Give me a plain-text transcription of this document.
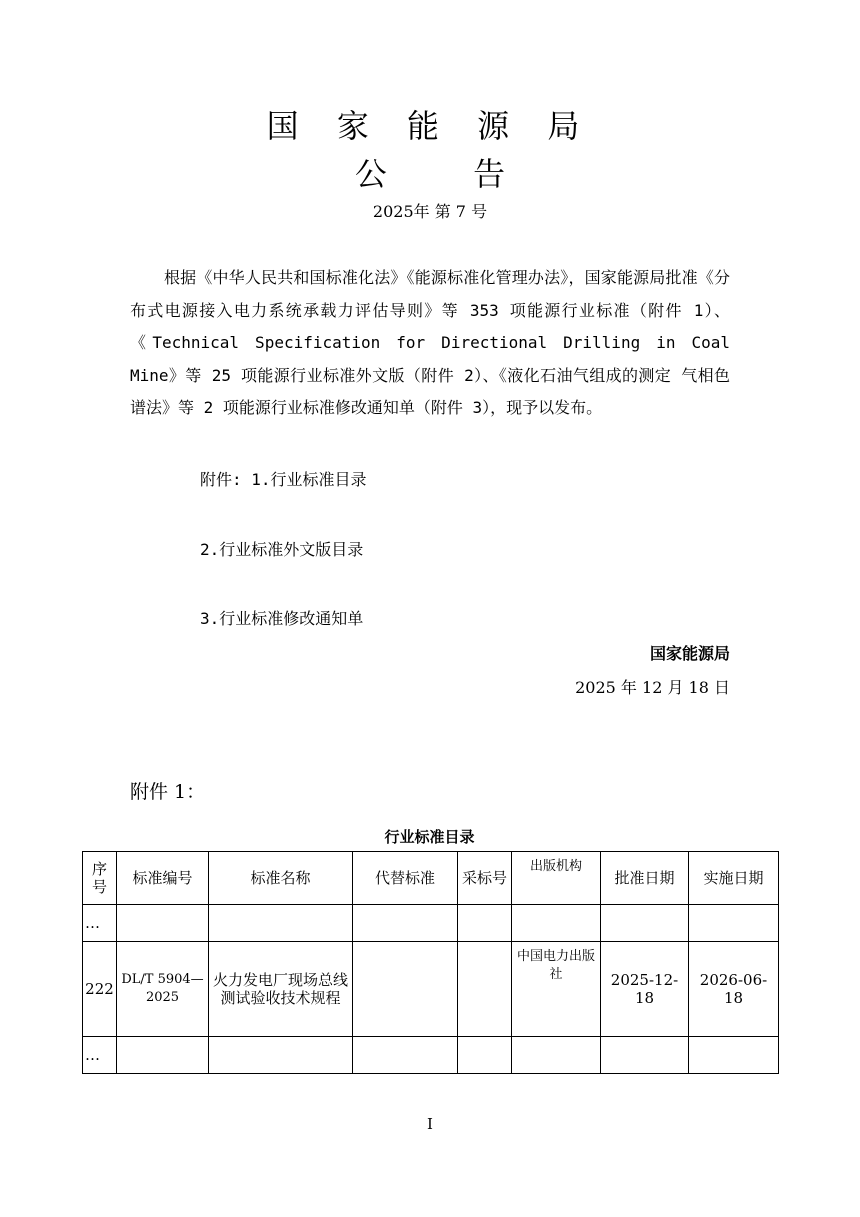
国 家 能 源 局
公 告
2025年 第 7 号

根据《中华人民共和国标准化法》《能源标准化管理办法》，国家能源局批准《分布式电源接入电力系统承载力评估导则》等 353 项能源行业标准（附件 1）、《Technical Specification for Directional Drilling in Coal Mine》等 25 项能源行业标准外文版（附件 2）、《液化石油气组成的测定 气相色谱法》等 2 项能源行业标准修改通知单（附件 3），现予以发布。

附件: 1.行业标准目录
2.行业标准外文版目录
3.行业标准修改通知单
国家能源局
2025 年 12 月 18 日
附件 1：
行业标准目录
序号	标准编号	标准名称	代替标准	采标号	出版机构	批准日期	实施日期
…							
222	DL/T 5904—2025	火力发电厂现场总线测试验收技术规程			中国电力出版社	2025-12-18	2026-06-18
…							
I
